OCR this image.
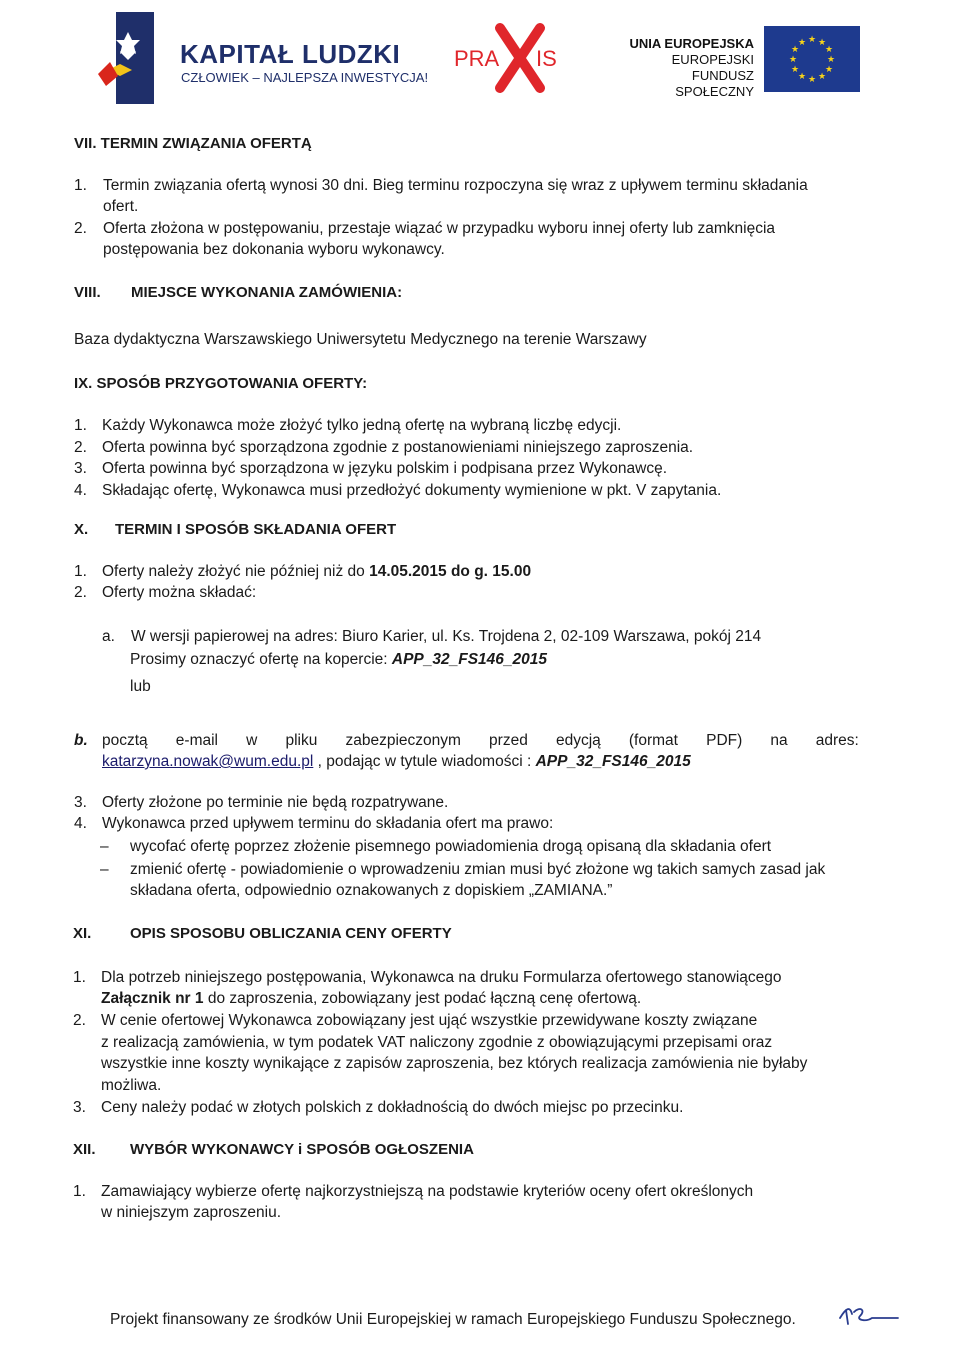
KAPITAŁ LUDZKI
CZŁOWIEK – NAJLEPSZA INWESTYCJA!
PRA IS
UNIA EUROPEJSKA
EUROPEJSKI
FUNDUSZ SPOŁECZNY
★ ★
★
★
★
★
★
★
★
★
★
★
VII. TERMIN ZWIĄZANIA OFERTĄ
1. Termin związania ofertą wynosi 30 dni. Bieg terminu rozpoczyna się wraz z upływem terminu składania
ofert.
2. Oferta złożona w postępowaniu, przestaje wiązać w przypadku wyboru innej oferty lub zamknięcia
postępowania bez dokonania wyboru wykonawcy.
VIII. MIEJSCE WYKONANIA ZAMÓWIENIA:
Baza dydaktyczna Warszawskiego Uniwersytetu Medycznego na terenie Warszawy
IX. SPOSÓB PRZYGOTOWANIA OFERTY:
1. Każdy Wykonawca może złożyć tylko jedną ofertę na wybraną liczbę edycji.
2. Oferta powinna być sporządzona zgodnie z postanowieniami niniejszego zaproszenia.
3. Oferta powinna być sporządzona w języku polskim i podpisana przez Wykonawcę.
4. Składając ofertę, Wykonawca musi przedłożyć dokumenty wymienione w pkt. V zapytania.
X. TERMIN I SPOSÓB SKŁADANIA OFERT
1. Oferty należy złożyć nie później niż do 14.05.2015 do g. 15.00
2. Oferty można składać:
a. W wersji papierowej na adres: Biuro Karier, ul. Ks. Trojdena 2, 02-109 Warszawa, pokój 214
Prosimy oznaczyć ofertę na kopercie: APP_32_FS146_2015
lub
b. pocztą e-mail w pliku zabezpieczonym przed edycją (format PDF) na adres:
katarzyna.nowak@wum.edu.pl , podając w tytule wiadomości : APP_32_FS146_2015
3. Oferty złożone po terminie nie będą rozpatrywane.
4. Wykonawca przed upływem terminu do składania ofert ma prawo:
– wycofać ofertę poprzez złożenie pisemnego powiadomienia drogą opisaną dla składania ofert
– zmienić ofertę - powiadomienie o wprowadzeniu zmian musi być złożone wg takich samych zasad jak
składana oferta, odpowiednio oznakowanych z dopiskiem „ZAMIANA.”
XI.	OPIS SPOSOBU OBLICZANIA CENY OFERTY
1. Dla potrzeb niniejszego postępowania, Wykonawca na druku Formularza ofertowego stanowiącego
Załącznik nr 1 do zaproszenia, zobowiązany jest podać łączną cenę ofertową.
2. W cenie ofertowej Wykonawca zobowiązany jest ująć wszystkie przewidywane koszty związane
z realizacją zamówienia, w tym podatek VAT naliczony zgodnie z obowiązującymi przepisami oraz
wszystkie inne koszty wynikające z zapisów zaproszenia, bez których realizacja zamówienia nie byłaby
możliwa.
3. Ceny należy podać w złotych polskich z dokładnością do dwóch miejsc po przecinku.
XII. WYBÓR WYKONAWCY i SPOSÓB OGŁOSZENIA
1. Zamawiający wybierze ofertę najkorzystniejszą na podstawie kryteriów oceny ofert określonych
w niniejszym zaproszeniu.
Projekt finansowany ze środków Unii Europejskiej w ramach Europejskiego Funduszu Społecznego.
